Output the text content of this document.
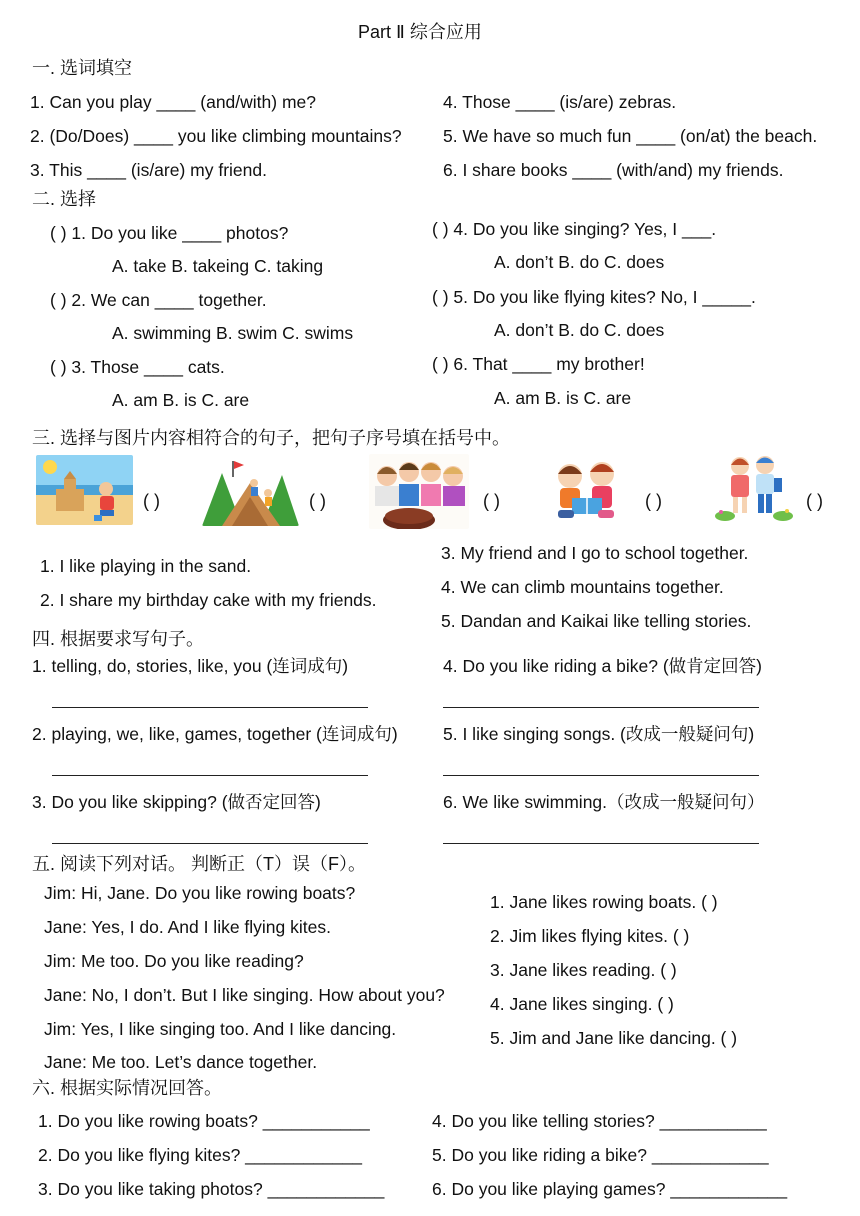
Part Ⅱ 综合应用
一. 选词填空
1. Can you play ____ (and/with) me?
2. (Do/Does) ____ you like climbing mountains?
3. This ____ (is/are) my friend.
4. Those ____ (is/are) zebras.
5. We have so much fun ____ (on/at) the beach.
6. I share books ____ (with/and) my friends.
二. 选择
( ) 1. Do you like ____ photos?
A. take B. takeing C. taking
( ) 2. We can ____ together.
A. swimming B. swim C. swims
( ) 3. Those ____ cats.
A. am B. is C. are
( ) 4. Do you like singing? Yes, I ___.
A. don’t B. do C. does
( ) 5. Do you like flying kites? No, I _____.
A. don’t B. do C. does
( ) 6. That ____ my brother!
A. am B. is C. are
三. 选择与图片内容相符合的句子，把句子序号填在括号中。
( )	( )	( )	( )	( )
1. I like playing in the sand.
2. I share my birthday cake with my friends.
3. My friend and I go to school together.
4. We can climb mountains together.
5. Dandan and Kaikai like telling stories.
四. 根据要求写句子。
1. telling, do, stories, like, you (连词成句)
2. playing, we, like, games, together (连词成句)
3. Do you like skipping? (做否定回答)
4. Do you like riding a bike? (做肯定回答)
5. I like singing songs. (改成一般疑问句)
6. We like swimming.（改成一般疑问句）
五. 阅读下列对话。 判断正（T）误（F）。
Jim: Hi, Jane. Do you like rowing boats?
Jane: Yes, I do. And I like flying kites.
Jim: Me too. Do you like reading?
Jane: No, I don’t. But I like singing. How about you?
Jim: Yes, I like singing too. And I like dancing.
Jane: Me too. Let’s dance together.
1. Jane likes rowing boats. ( )
2. Jim likes flying kites. ( )
3. Jane likes reading. ( )
4. Jane likes singing. ( )
5. Jim and Jane like dancing. ( )
六. 根据实际情况回答。
1. Do you like rowing boats? ___________
2. Do you like flying kites? ____________
3. Do you like taking photos? ____________
4. Do you like telling stories? ___________
5. Do you like riding a bike? ____________
6. Do you like playing games? ____________
